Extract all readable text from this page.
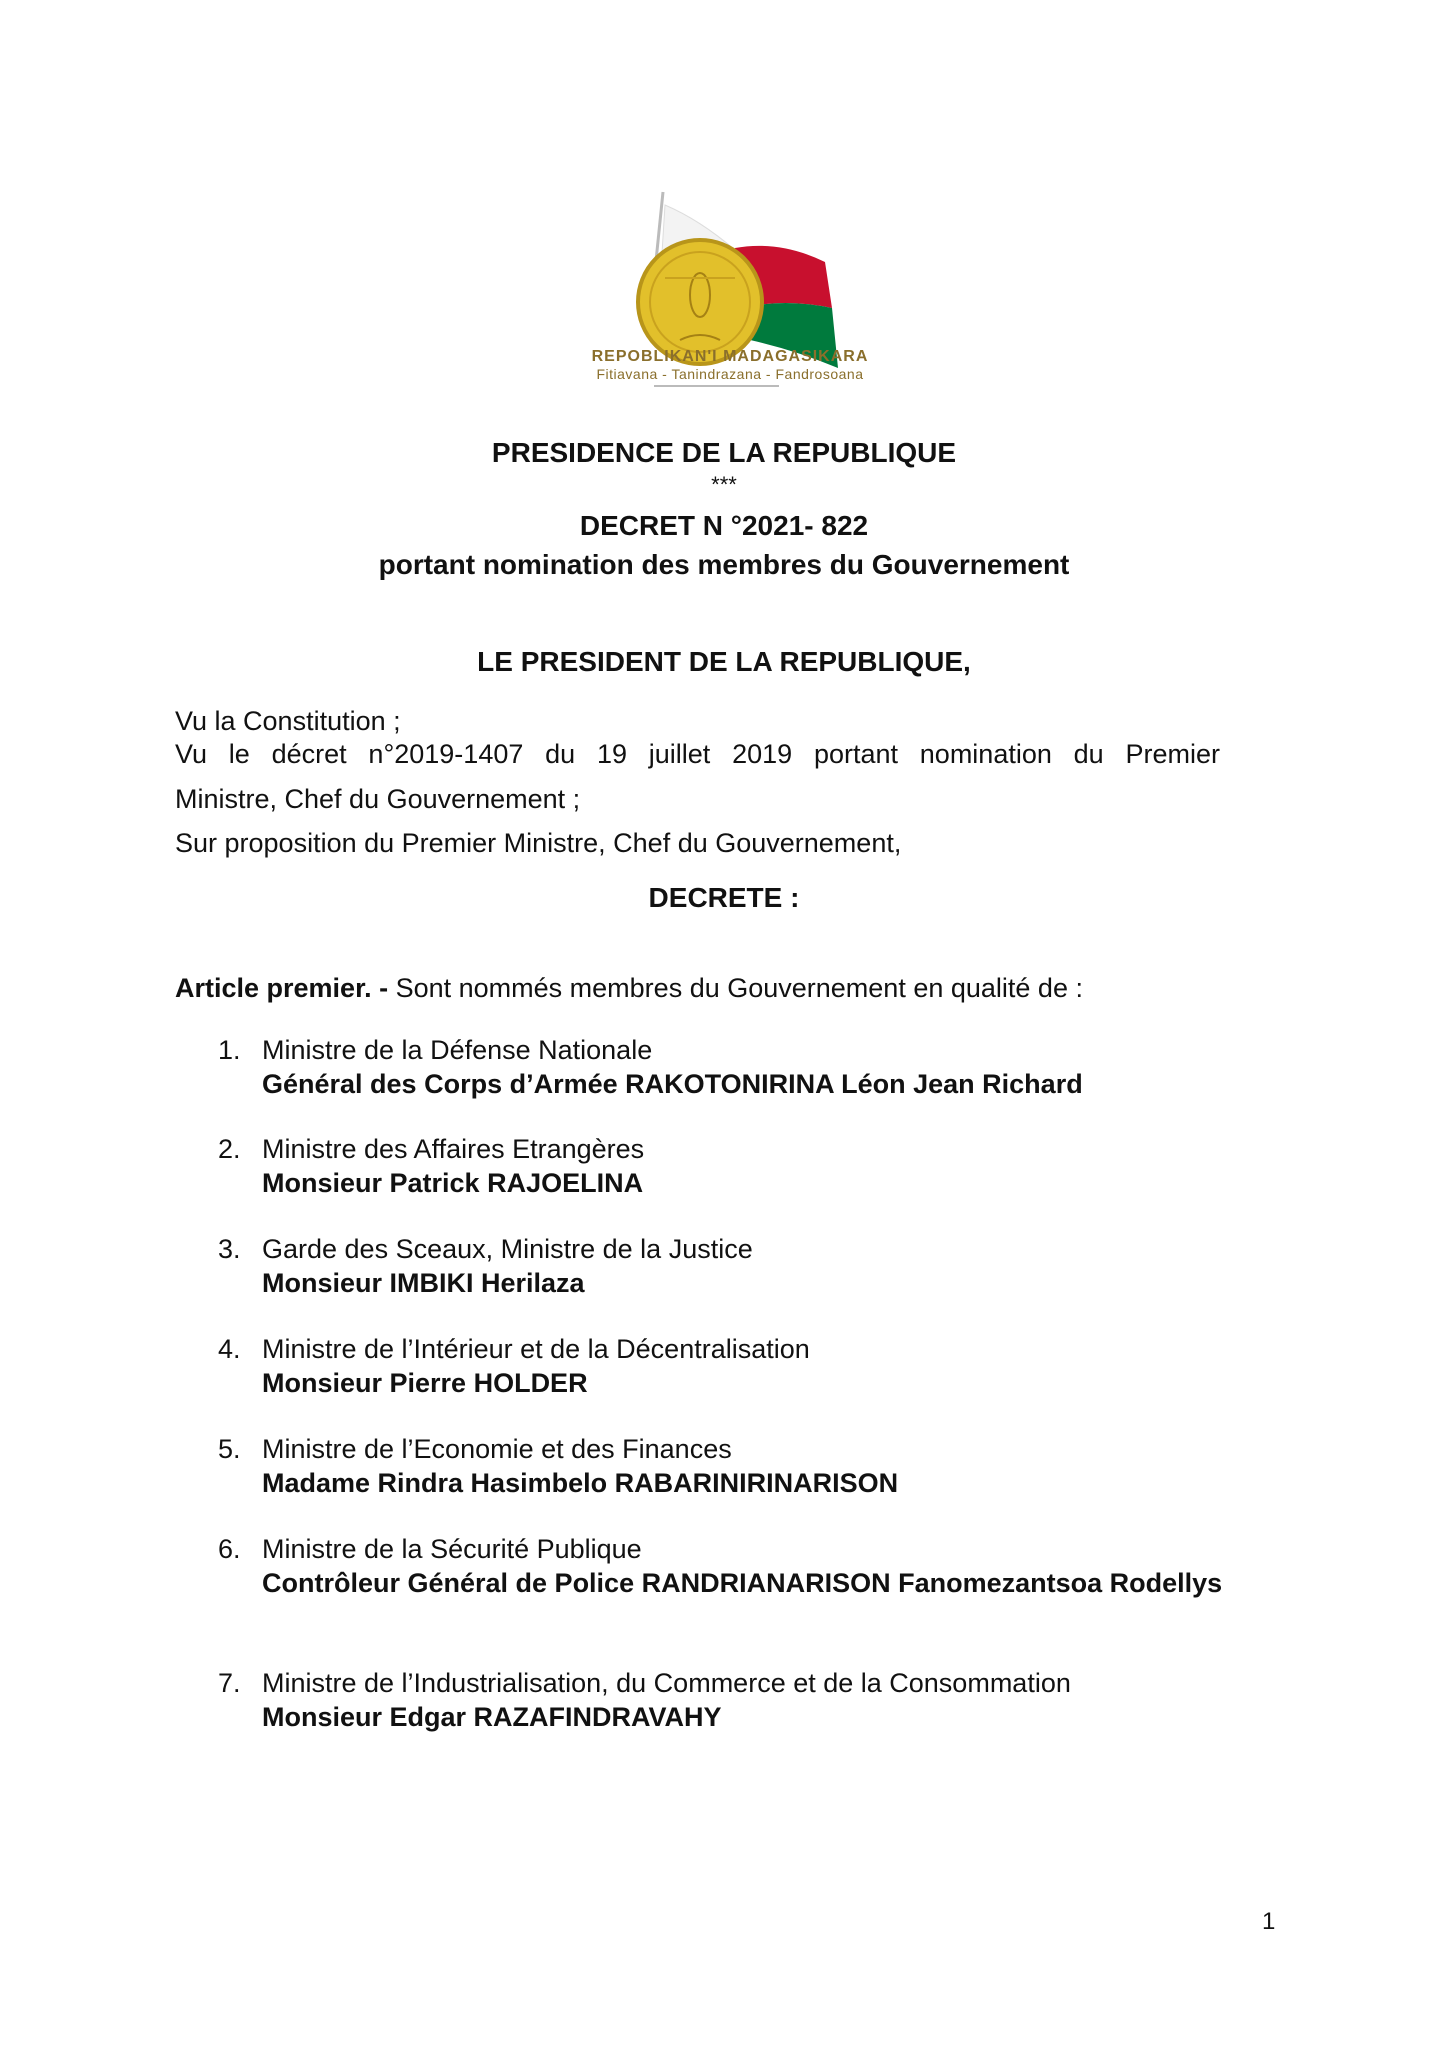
REPOBLIKAN'I MADAGASIKARA
Fitiavana - Tanindrazana - Fandrosoana
PRESIDENCE DE LA REPUBLIQUE
***
DECRET N °2021- 822
portant nomination des membres du Gouvernement
LE PRESIDENT DE LA REPUBLIQUE,
Vu la Constitution ;
Vu le décret n°2019-1407 du 19 juillet 2019 portant nomination du Premier
Ministre, Chef du Gouvernement ;
Sur proposition du Premier Ministre, Chef du Gouvernement,
DECRETE :
Article premier. - Sont nommés membres du Gouvernement en qualité de :
1. Ministre de la Défense Nationale
Général des Corps d’Armée RAKOTONIRINA Léon Jean Richard
2. Ministre des Affaires Etrangères
Monsieur Patrick RAJOELINA
3. Garde des Sceaux, Ministre de la Justice
Monsieur IMBIKI Herilaza
4. Ministre de l’Intérieur et de la Décentralisation
Monsieur Pierre HOLDER
5. Ministre de l’Economie et des Finances
Madame Rindra Hasimbelo RABARINIRINARISON
6. Ministre de la Sécurité Publique
Contrôleur Général de Police RANDRIANARISON Fanomezantsoa Rodellys
7. Ministre de l’Industrialisation, du Commerce et de la Consommation
Monsieur Edgar RAZAFINDRAVAHY
1
